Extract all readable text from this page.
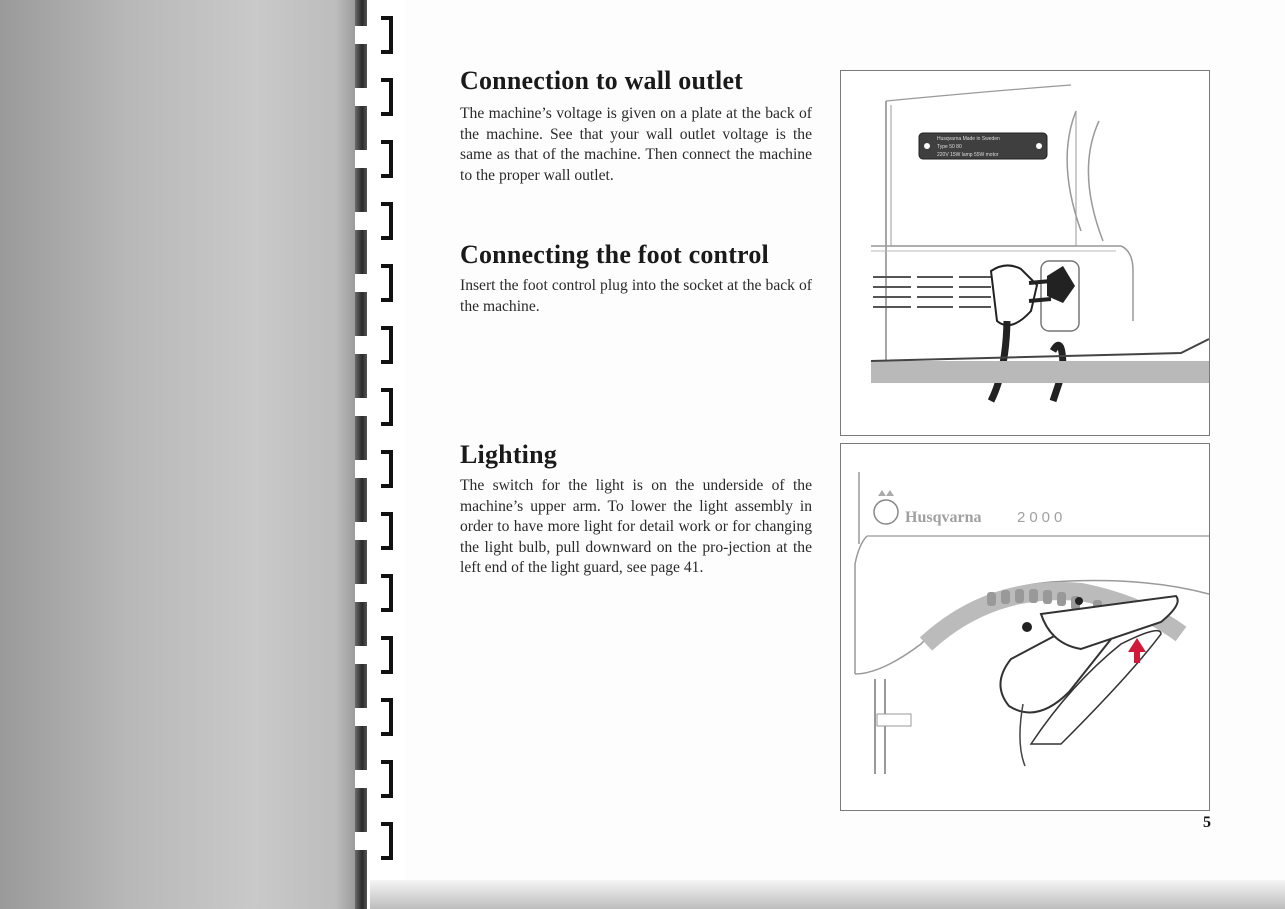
Connection to wall outlet

The machine’s voltage is given on a plate at the back of the machine. See that your wall outlet voltage is the same as that of the machine. Then connect the machine to the proper wall outlet.

Connecting the foot control

Insert the foot control plug into the socket at the back of the machine.

Lighting

The switch for the light is on the underside of the machine’s upper arm. To lower the light assembly in order to have more light for detail work or for changing the light bulb, pull downward on the pro-jection at the left end of the light guard, see page 41.

Husqvarna Made in Sweden
Type 50 80
220V 15W lamp 55W motor
Husqvarna 2000
5
